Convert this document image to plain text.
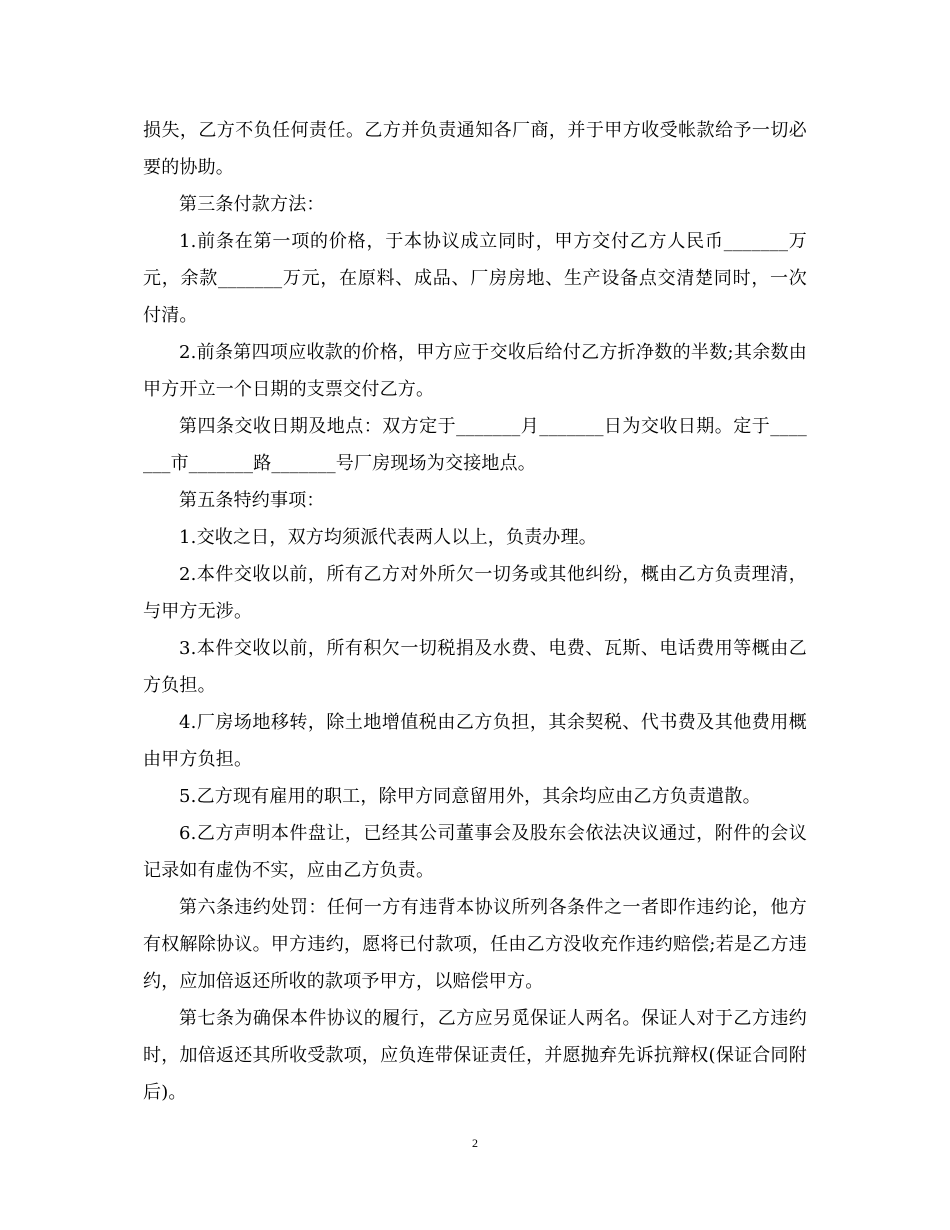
损失，乙方不负任何责任。乙方并负责通知各厂商，并于甲方收受帐款给予一切必要的协助。

第三条付款方法：

1.前条在第一项的价格，于本协议成立同时，甲方交付乙方人民币_______万元，余款_______万元，在原料、成品、厂房房地、生产设备点交清楚同时，一次付清。

2.前条第四项应收款的价格，甲方应于交收后给付乙方折净数的半数;其余数由甲方开立一个日期的支票交付乙方。

第四条交收日期及地点：双方定于_______月_______日为交收日期。定于_______市_______路_______号厂房现场为交接地点。

第五条特约事项：

1.交收之日，双方均须派代表两人以上，负责办理。

2.本件交收以前，所有乙方对外所欠一切务或其他纠纷，概由乙方负责理清，与甲方无涉。

3.本件交收以前，所有积欠一切税捐及水费、电费、瓦斯、电话费用等概由乙方负担。

4.厂房场地移转，除土地增值税由乙方负担，其余契税、代书费及其他费用概由甲方负担。

5.乙方现有雇用的职工，除甲方同意留用外，其余均应由乙方负责遣散。

6.乙方声明本件盘让，已经其公司董事会及股东会依法决议通过，附件的会议记录如有虚伪不实，应由乙方负责。

第六条违约处罚：任何一方有违背本协议所列各条件之一者即作违约论，他方有权解除协议。甲方违约，愿将已付款项，任由乙方没收充作违约赔偿;若是乙方违约，应加倍返还所收的款项予甲方，以赔偿甲方。

第七条为确保本件协议的履行，乙方应另觅保证人两名。保证人对于乙方违约时，加倍返还其所收受款项，应负连带保证责任，并愿抛弃先诉抗辩权(保证合同附后)。

2
